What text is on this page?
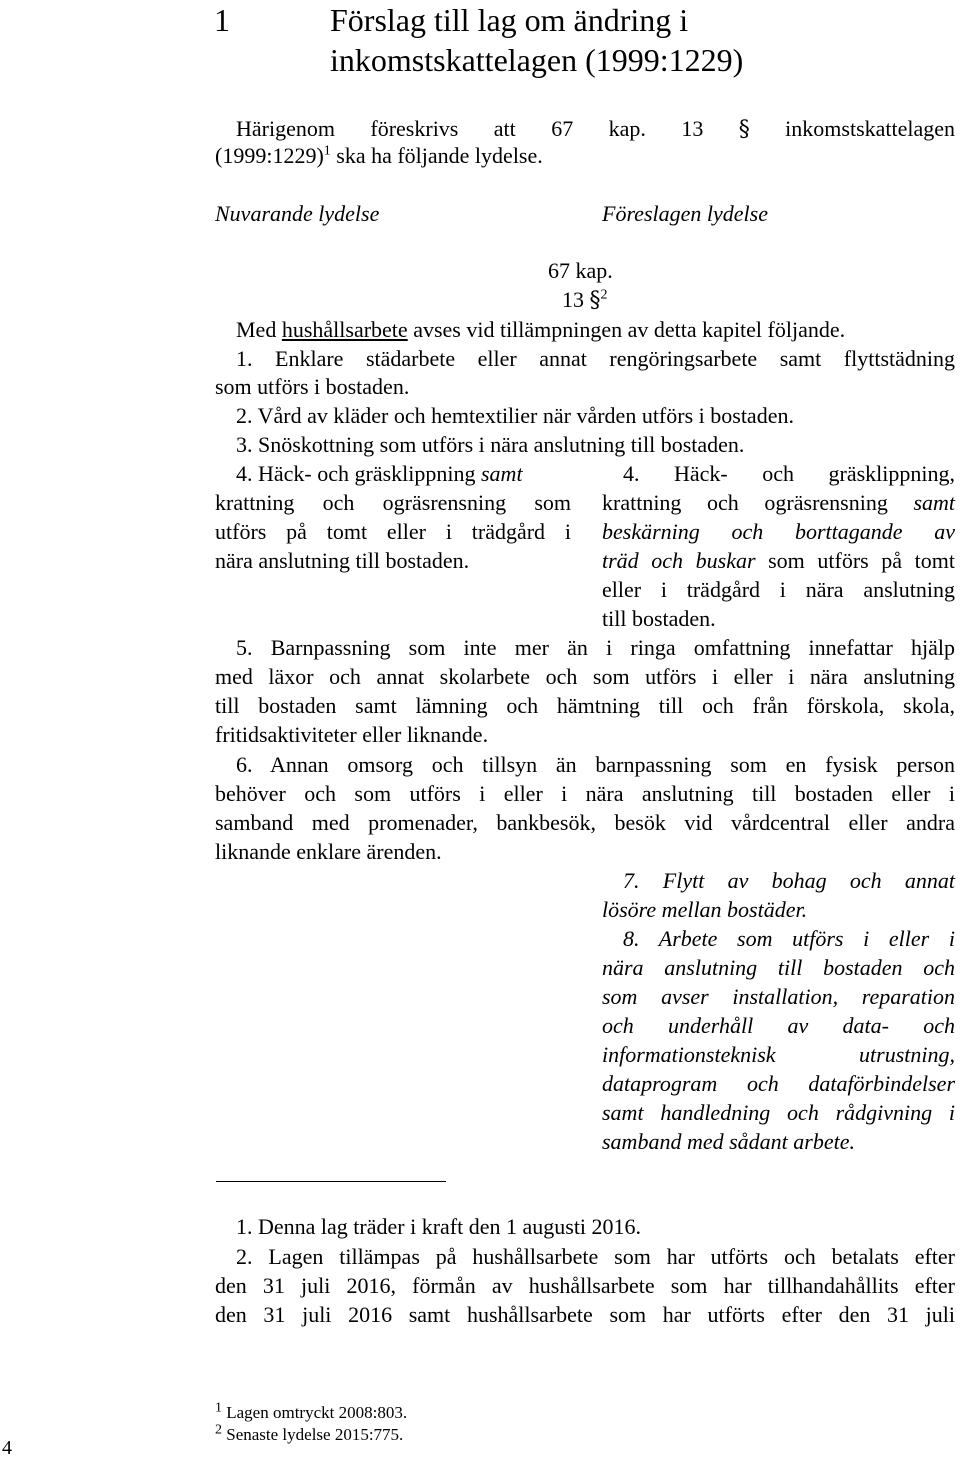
1	Förslag till lag om ändring i
inkomstskattelagen (1999:1229)
Härigenom föreskrivs att 67 kap. 13 § inkomstskattelagen
(1999:1229)$^1$ ska ha följande lydelse.
Nuvarande lydelse	Föreslagen lydelse
67 kap.
13 §$^2$
Med hushållsarbete avses vid tillämpningen av detta kapitel följande.
1. Enklare städarbete eller annat rengöringsarbete samt flyttstädning
som utförs i bostaden.
2. Vård av kläder och hemtextilier när vården utförs i bostaden.
3. Snöskottning som utförs i nära anslutning till bostaden.
4. Häck- och gräsklippning samt
krattning och ogräsrensning som
utförs på tomt eller i trädgård i
nära anslutning till bostaden.
4. Häck- och gräsklippning,
krattning och ogräsrensning samt
beskärning och borttagande av
träd och buskar som utförs på tomt
eller i trädgård i nära anslutning
till bostaden.
5. Barnpassning som inte mer än i ringa omfattning innefattar hjälp
med läxor och annat skolarbete och som utförs i eller i nära anslutning
till bostaden samt lämning och hämtning till och från förskola, skola,
fritidsaktiviteter eller liknande.
6. Annan omsorg och tillsyn än barnpassning som en fysisk person
behöver och som utförs i eller i nära anslutning till bostaden eller i
samband med promenader, bankbesök, besök vid vårdcentral eller andra
liknande enklare ärenden.
7. Flytt av bohag och annat
lösöre mellan bostäder.
8. Arbete som utförs i eller i
nära anslutning till bostaden och
som avser installation, reparation
och underhåll av data- och
informationsteknisk utrustning,
dataprogram och dataförbindelser
samt handledning och rådgivning i
samband med sådant arbete.
1. Denna lag träder i kraft den 1 augusti 2016.
2. Lagen tillämpas på hushållsarbete som har utförts och betalats efter
den 31 juli 2016, förmån av hushållsarbete som har tillhandahållits efter
den 31 juli 2016 samt hushållsarbete som har utförts efter den 31 juli
$^1$ Lagen omtryckt 2008:803.
$^2$ Senaste lydelse 2015:775.
4
